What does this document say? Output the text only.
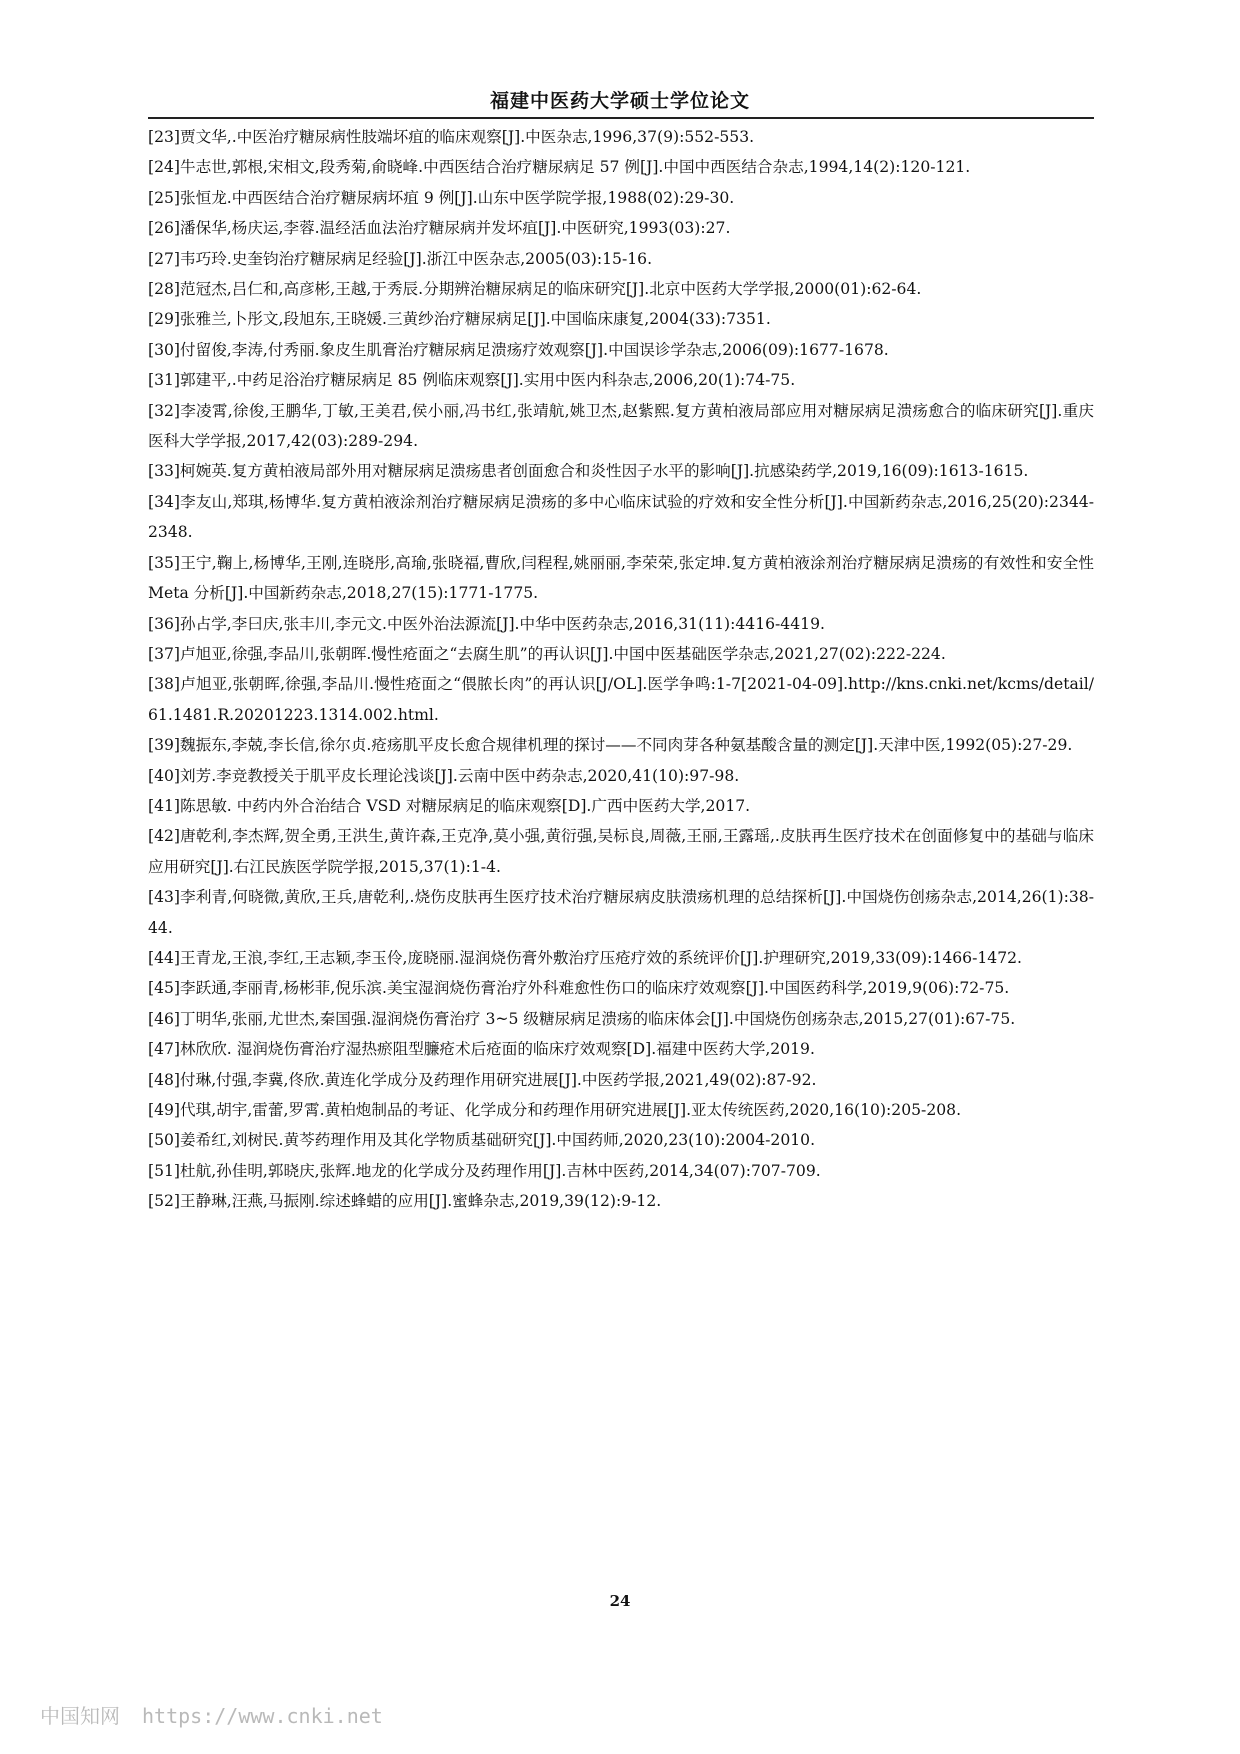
福建中医药大学硕士学位论文
[23]贾文华,.中医治疗糖尿病性肢端坏疽的临床观察[J].中医杂志,1996,37(9):552-553.
[24]牛志世,郭根,宋相文,段秀菊,俞晓峰.中西医结合治疗糖尿病足 57 例[J].中国中西医结合杂志,1994,14(2):120-121.
[25]张恒龙.中西医结合治疗糖尿病坏疽 9 例[J].山东中医学院学报,1988(02):29-30.
[26]潘保华,杨庆运,李蓉.温经活血法治疗糖尿病并发坏疽[J].中医研究,1993(03):27.
[27]韦巧玲.史奎钧治疗糖尿病足经验[J].浙江中医杂志,2005(03):15-16.
[28]范冠杰,吕仁和,高彦彬,王越,于秀辰.分期辨治糖尿病足的临床研究[J].北京中医药大学学报,2000(01):62-64.
[29]张雅兰,卜彤文,段旭东,王晓媛.三黄纱治疗糖尿病足[J].中国临床康复,2004(33):7351.
[30]付留俊,李涛,付秀丽.象皮生肌膏治疗糖尿病足溃疡疗效观察[J].中国误诊学杂志,2006(09):1677-1678.
[31]郭建平,.中药足浴治疗糖尿病足 85 例临床观察[J].实用中医内科杂志,2006,20(1):74-75.
[32]李凌霄,徐俊,王鹏华,丁敏,王美君,侯小丽,冯书红,张靖航,姚卫杰,赵紫熙.复方黄柏液局部应用对糖尿病足溃疡愈合的临床研究[J].重庆医科大学学报,2017,42(03):289-294.
[33]柯婉英.复方黄柏液局部外用对糖尿病足溃疡患者创面愈合和炎性因子水平的影响[J].抗感染药学,2019,16(09):1613-1615.
[34]李友山,郑琪,杨博华.复方黄柏液涂剂治疗糖尿病足溃疡的多中心临床试验的疗效和安全性分析[J].中国新药杂志,2016,25(20):2344-2348.
[35]王宁,鞠上,杨博华,王刚,连晓彤,高瑜,张晓福,曹欣,闫程程,姚丽丽,李荣荣,张定坤.复方黄柏液涂剂治疗糖尿病足溃疡的有效性和安全性 Meta 分析[J].中国新药杂志,2018,27(15):1771-1775.
[36]孙占学,李曰庆,张丰川,李元文.中医外治法源流[J].中华中医药杂志,2016,31(11):4416-4419.
[37]卢旭亚,徐强,李品川,张朝晖.慢性疮面之“去腐生肌”的再认识[J].中国中医基础医学杂志,2021,27(02):222-224.
[38]卢旭亚,张朝晖,徐强,李品川.慢性疮面之“偎脓长肉”的再认识[J/OL].医学争鸣:1-7[2021-04-09].http://kns.cnki.net/kcms/detail/61.1481.R.20201223.1314.002.html.
[39]魏振东,李兢,李长信,徐尔贞.疮疡肌平皮长愈合规律机理的探讨——不同肉芽各种氨基酸含量的测定[J].天津中医,1992(05):27-29.
[40]刘芳.李竞教授关于肌平皮长理论浅谈[J].云南中医中药杂志,2020,41(10):97-98.
[41]陈思敏. 中药内外合治结合 VSD 对糖尿病足的临床观察[D].广西中医药大学,2017.
[42]唐乾利,李杰辉,贺全勇,王洪生,黄许森,王克净,莫小强,黄衍强,吴标良,周薇,王丽,王露瑶,.皮肤再生医疗技术在创面修复中的基础与临床应用研究[J].右江民族医学院学报,2015,37(1):1-4.
[43]李利青,何晓微,黄欣,王兵,唐乾利,.烧伤皮肤再生医疗技术治疗糖尿病皮肤溃疡机理的总结探析[J].中国烧伤创疡杂志,2014,26(1):38-44.
[44]王青龙,王浪,李红,王志颖,李玉伶,庞晓丽.湿润烧伤膏外敷治疗压疮疗效的系统评价[J].护理研究,2019,33(09):1466-1472.
[45]李跃通,李丽青,杨彬菲,倪乐滨.美宝湿润烧伤膏治疗外科难愈性伤口的临床疗效观察[J].中国医药科学,2019,9(06):72-75.
[46]丁明华,张丽,尤世杰,秦国强.湿润烧伤膏治疗 3~5 级糖尿病足溃疡的临床体会[J].中国烧伤创疡杂志,2015,27(01):67-75.
[47]林欣欣. 湿润烧伤膏治疗湿热瘀阻型臁疮术后疮面的临床疗效观察[D].福建中医药大学,2019.
[48]付琳,付强,李冀,佟欣.黄连化学成分及药理作用研究进展[J].中医药学报,2021,49(02):87-92.
[49]代琪,胡宇,雷蕾,罗霄.黄柏炮制品的考证、化学成分和药理作用研究进展[J].亚太传统医药,2020,16(10):205-208.
[50]姜希红,刘树民.黄芩药理作用及其化学物质基础研究[J].中国药师,2020,23(10):2004-2010.
[51]杜航,孙佳明,郭晓庆,张辉.地龙的化学成分及药理作用[J].吉林中医药,2014,34(07):707-709.
[52]王静琳,汪燕,马振刚.综述蜂蜡的应用[J].蜜蜂杂志,2019,39(12):9-12.
24
中国知网 https://www.cnki.net
